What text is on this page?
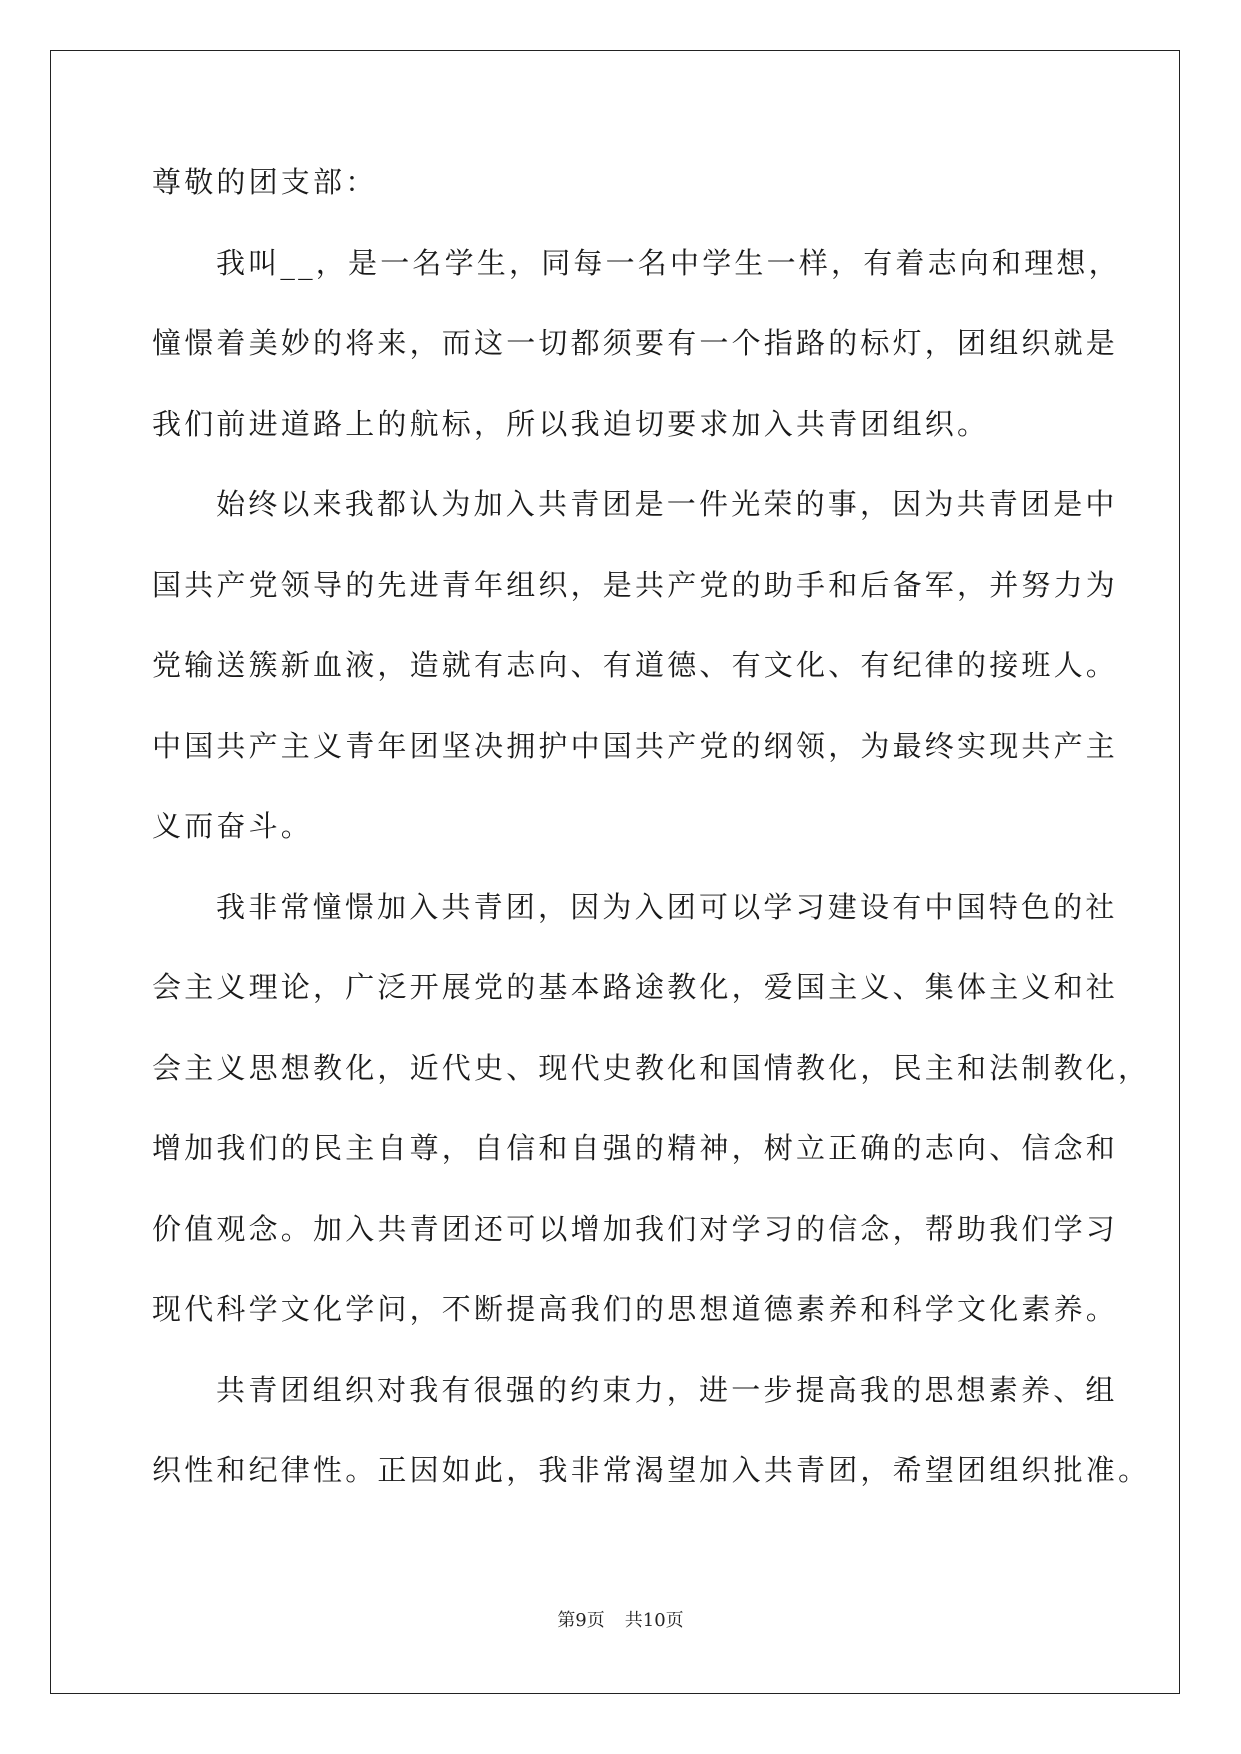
尊敬的团支部：
我叫__，是一名学生，同每一名中学生一样，有着志向和理想，
憧憬着美妙的将来，而这一切都须要有一个指路的标灯，团组织就是
我们前进道路上的航标，所以我迫切要求加入共青团组织。
始终以来我都认为加入共青团是一件光荣的事，因为共青团是中
国共产党领导的先进青年组织，是共产党的助手和后备军，并努力为
党输送簇新血液，造就有志向、有道德、有文化、有纪律的接班人。
中国共产主义青年团坚决拥护中国共产党的纲领，为最终实现共产主
义而奋斗。
我非常憧憬加入共青团，因为入团可以学习建设有中国特色的社
会主义理论，广泛开展党的基本路途教化，爱国主义、集体主义和社
会主义思想教化，近代史、现代史教化和国情教化，民主和法制教化，
增加我们的民主自尊，自信和自强的精神，树立正确的志向、信念和
价值观念。加入共青团还可以增加我们对学习的信念，帮助我们学习
现代科学文化学问，不断提高我们的思想道德素养和科学文化素养。
共青团组织对我有很强的约束力，进一步提高我的思想素养、组
织性和纪律性。正因如此，我非常渴望加入共青团，希望团组织批准。
第9页 共10页
